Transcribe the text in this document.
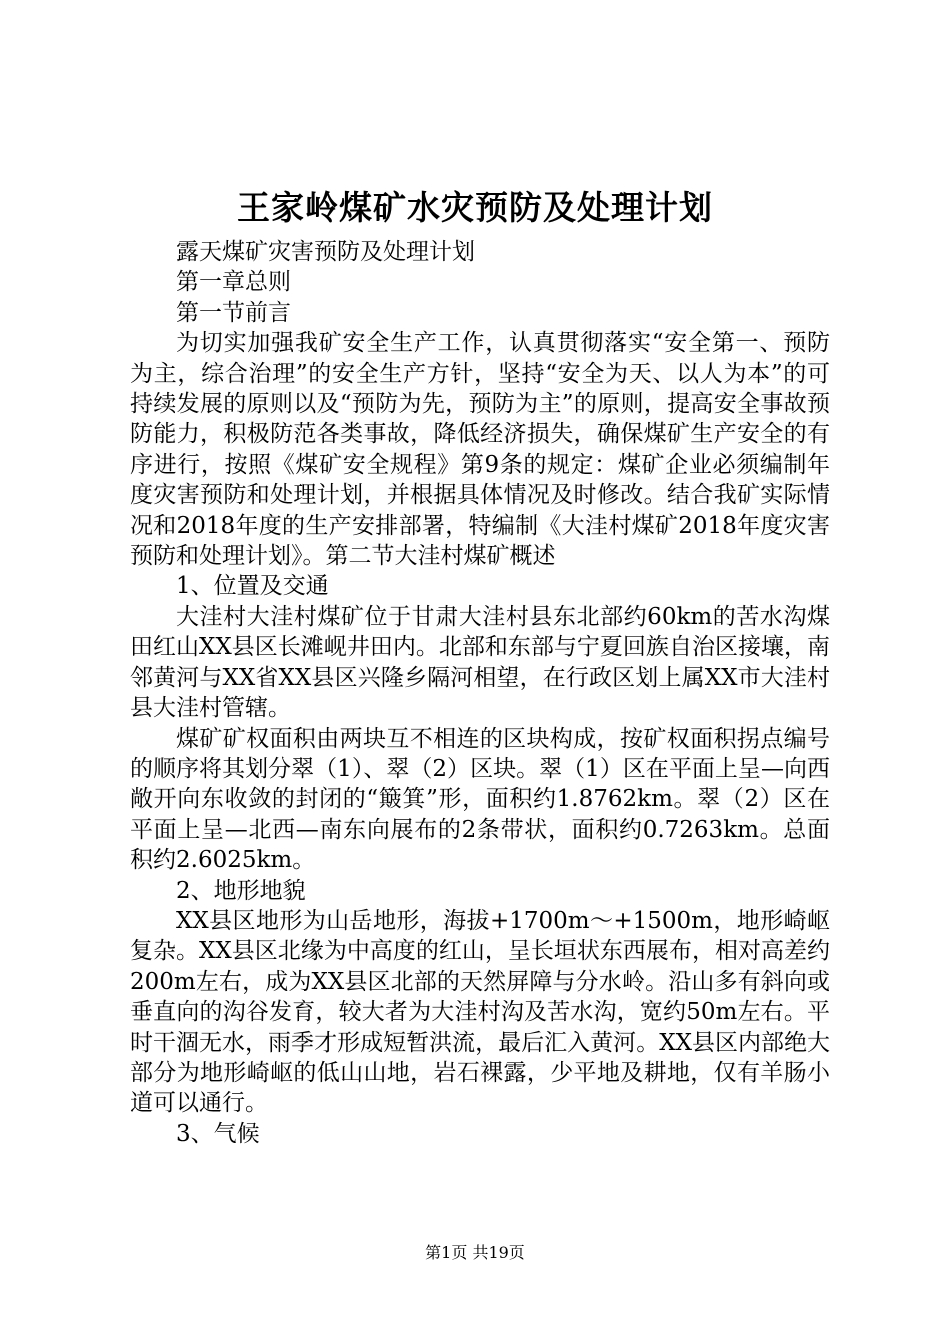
王家岭煤矿水灾预防及处理计划

露天煤矿灾害预防及处理计划

第一章总则

第一节前言

为切实加强我矿安全生产工作，认真贯彻落实“安全第一、预防为主，综合治理”的安全生产方针，坚持“安全为天、以人为本”的可持续发展的原则以及“预防为先，预防为主”的原则，提高安全事故预防能力，积极防范各类事故，降低经济损失，确保煤矿生产安全的有序进行，按照《煤矿安全规程》第9条的规定：煤矿企业必须编制年度灾害预防和处理计划，并根据具体情况及时修改。结合我矿实际情况和2018年度的生产安排部署，特编制《大洼村煤矿2018年度灾害预防和处理计划》。第二节大洼村煤矿概述

1、位置及交通

大洼村大洼村煤矿位于甘肃大洼村县东北部约60km的苦水沟煤田红山XX县区长滩岘井田内。北部和东部与宁夏回族自治区接壤，南邻黄河与XX省XX县区兴隆乡隔河相望，在行政区划上属XX市大洼村县大洼村管辖。

煤矿矿权面积由两块互不相连的区块构成，按矿权面积拐点编号的顺序将其划分翠（1）、翠（2）区块。翠（1）区在平面上呈—向西敞开向东收敛的封闭的“簸箕”形，面积约1.8762km。翠（2）区在平面上呈—北西—南东向展布的2条带状，面积约0.7263km。总面积约2.6025km。

2、地形地貌

XX县区地形为山岳地形，海拔+1700m～+1500m，地形崎岖复杂。XX县区北缘为中高度的红山，呈长垣状东西展布，相对高差约200m左右，成为XX县区北部的天然屏障与分水岭。沿山多有斜向或垂直向的沟谷发育，较大者为大洼村沟及苦水沟，宽约50m左右。平时干涸无水，雨季才形成短暂洪流，最后汇入黄河。XX县区内部绝大部分为地形崎岖的低山山地，岩石裸露，少平地及耕地，仅有羊肠小道可以通行。

3、气候

第1页 共19页
